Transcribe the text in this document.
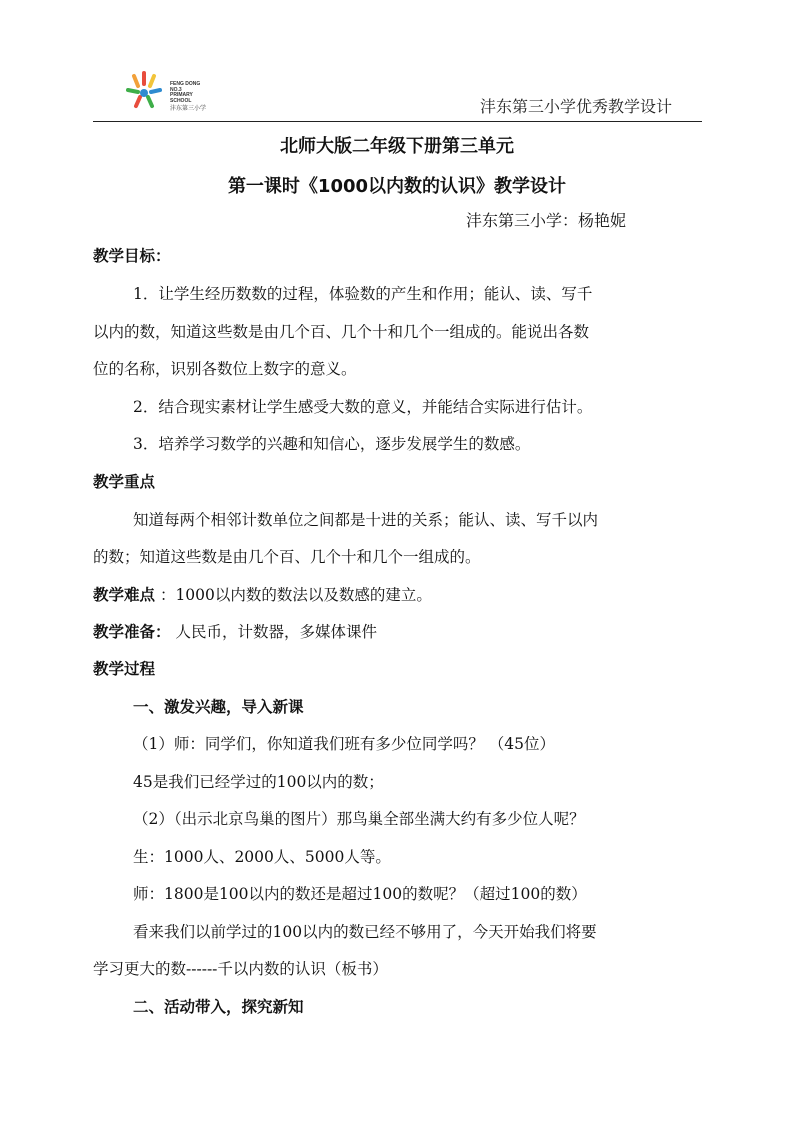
FENG DONG
NO.3
PRIMARY
SCHOOL
沣东第三小学	沣东第三小学优秀教学设计
北师大版二年级下册第三单元
第一课时《1000以内数的认识》教学设计
沣东第三小学：杨艳妮
教学目标：
1．让学生经历数数的过程，体验数的产生和作用；能认、读、写千
以内的数，知道这些数是由几个百、几个十和几个一组成的。能说出各数
位的名称，识别各数位上数字的意义。
2．结合现实素材让学生感受大数的意义，并能结合实际进行估计。
3．培养学习数学的兴趣和知信心，逐步发展学生的数感。
教学重点
知道每两个相邻计数单位之间都是十进的关系；能认、读、写千以内
的数；知道这些数是由几个百、几个十和几个一组成的。
教学难点 ：1000以内数的数法以及数感的建立。
教学准备： 人民币，计数器，多媒体课件
教学过程
一、激发兴趣，导入新课
（1）师：同学们，你知道我们班有多少位同学吗？ （45位）
45是我们已经学过的100以内的数；
（2）（出示北京鸟巢的图片）那鸟巢全部坐满大约有多少位人呢？
生：1000人、2000人、5000人等。
师：1800是100以内的数还是超过100的数呢？（超过100的数）
看来我们以前学过的100以内的数已经不够用了，今天开始我们将要
学习更大的数------千以内数的认识（板书）
二、活动带入，探究新知
